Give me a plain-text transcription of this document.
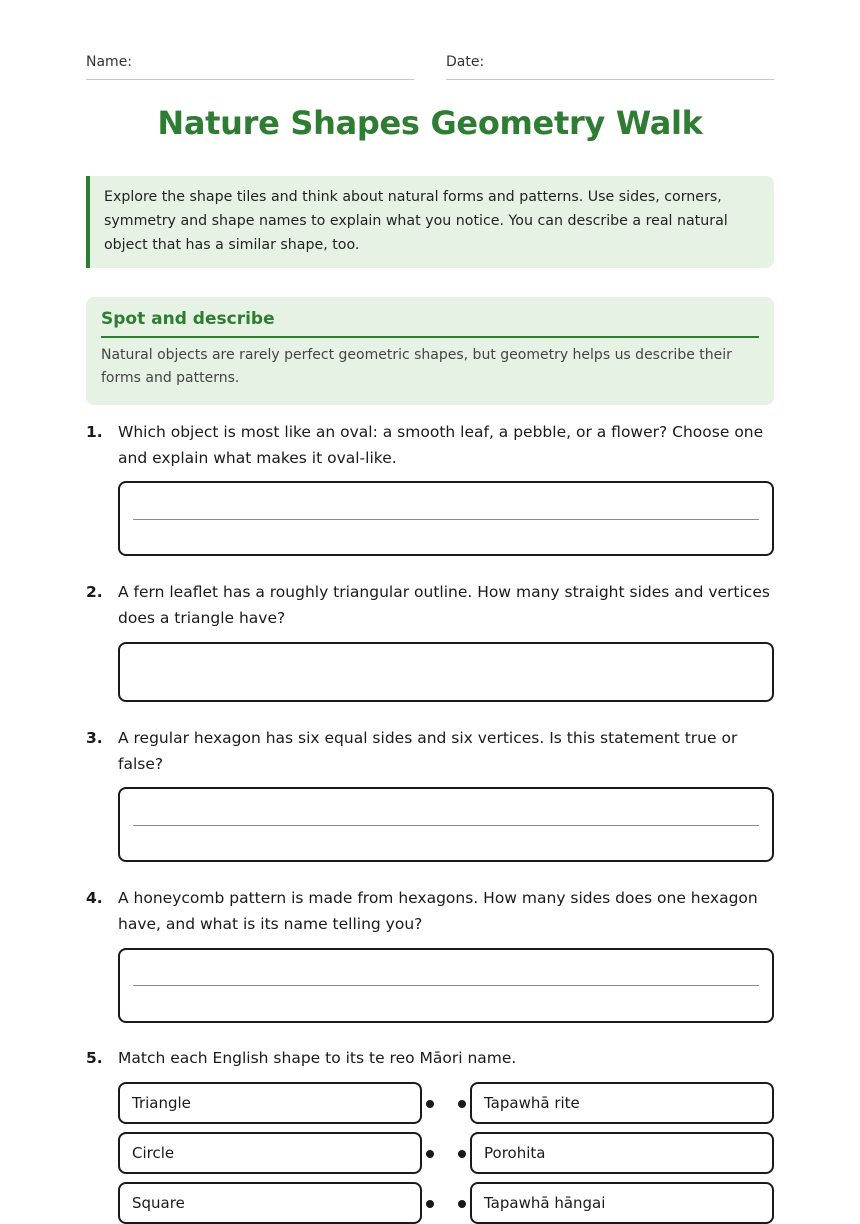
Name:	Date:
Nature Shapes Geometry Walk
Explore the shape tiles and think about natural forms and patterns. Use sides, corners, symmetry and shape names to explain what you notice. You can describe a real natural object that has a similar shape, too.
Spot and describe
Natural objects are rarely perfect geometric shapes, but geometry helps us describe their forms and patterns.
1. Which object is most like an oval: a smooth leaf, a pebble, or a flower? Choose one and explain what makes it oval-like.
2. A fern leaflet has a roughly triangular outline. How many straight sides and vertices does a triangle have?
3. A regular hexagon has six equal sides and six vertices. Is this statement true or false?
4. A honeycomb pattern is made from hexagons. How many sides does one hexagon have, and what is its name telling you?
5. Match each English shape to its te reo Māori name.
Triangle	Tapawhā rite
Circle	Porohita
Square	Tapawhā hāngai
